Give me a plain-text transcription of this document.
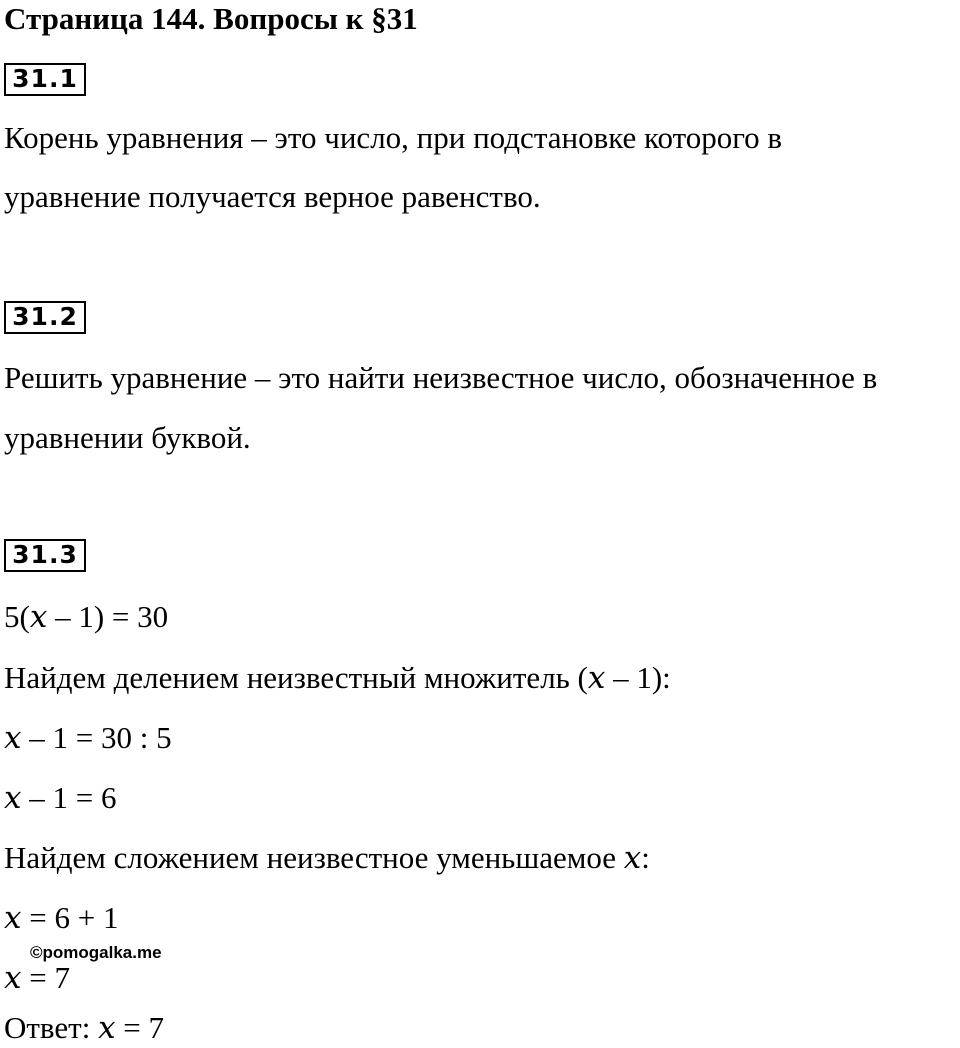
Страница 144. Вопросы к §31
31.1
Корень уравнения – это число, при подстановке которого в
уравнение получается верное равенство.
31.2
Решить уравнение – это найти неизвестное число, обозначенное в
уравнении буквой.
31.3
5(x – 1) = 30
Найдем делением неизвестный множитель (x – 1):
x – 1 = 30 : 5
x – 1 = 6
Найдем сложением неизвестное уменьшаемое x:
x = 6 + 1
x = 7
©pomogalka.me
Ответ: x = 7
